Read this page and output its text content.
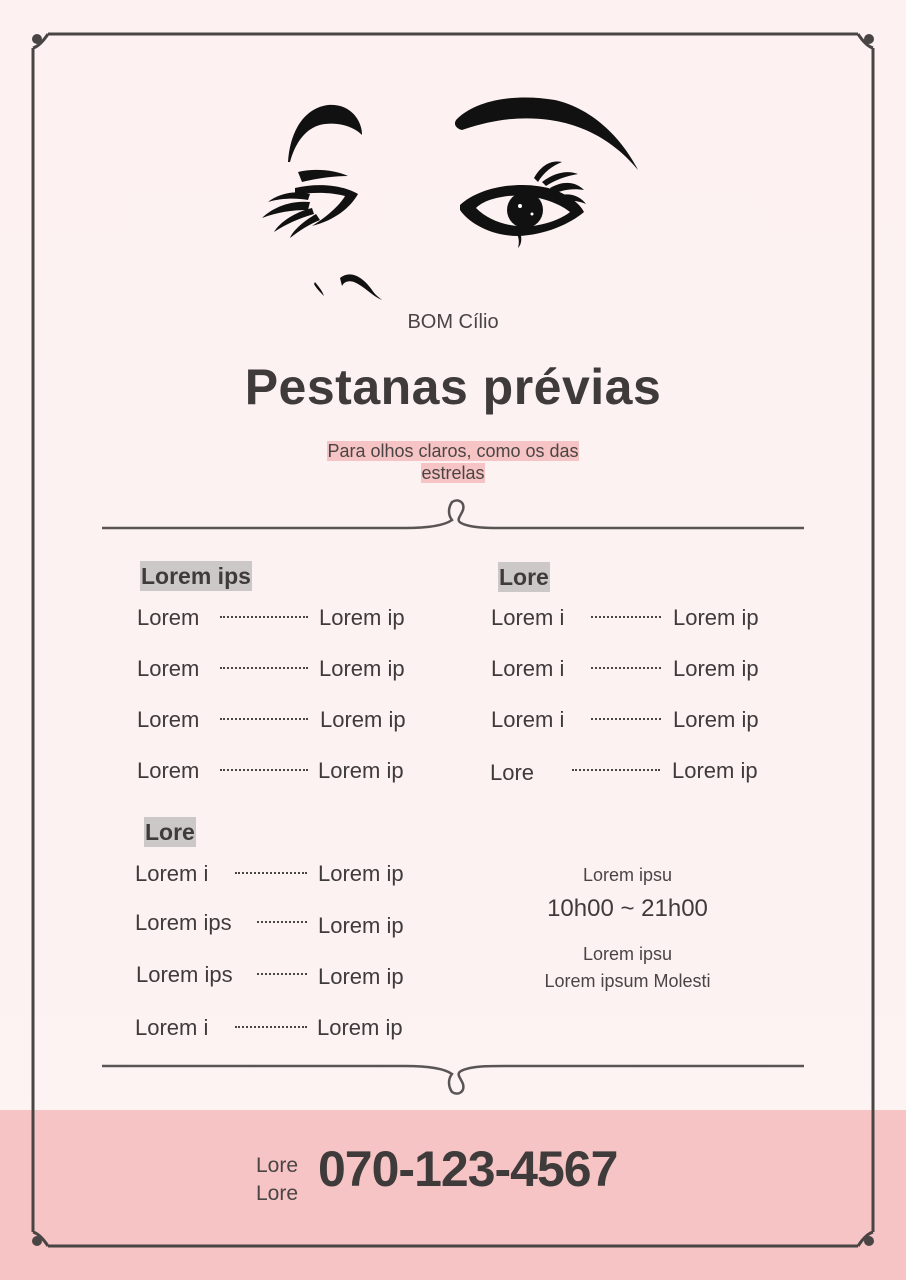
BOM Cílio
Pestanas prévias
Para olhos claros, como os das
estrelas
Lorem ips
Lorem	Lorem ip
Lorem	Lorem ip
Lorem	Lorem ip
Lorem	Lorem ip
Lore
Lorem i	Lorem ip
Lorem i	Lorem ip
Lorem i	Lorem ip
Lore	Lorem ip
Lore
Lorem i	Lorem ip
Lorem ips	Lorem ip
Lorem ips	Lorem ip
Lorem i	Lorem ip
Lorem ipsu
10h00 ~ 21h00
Lorem ipsu
Lorem ipsum Molesti
Lore
Lore 070-123-4567
